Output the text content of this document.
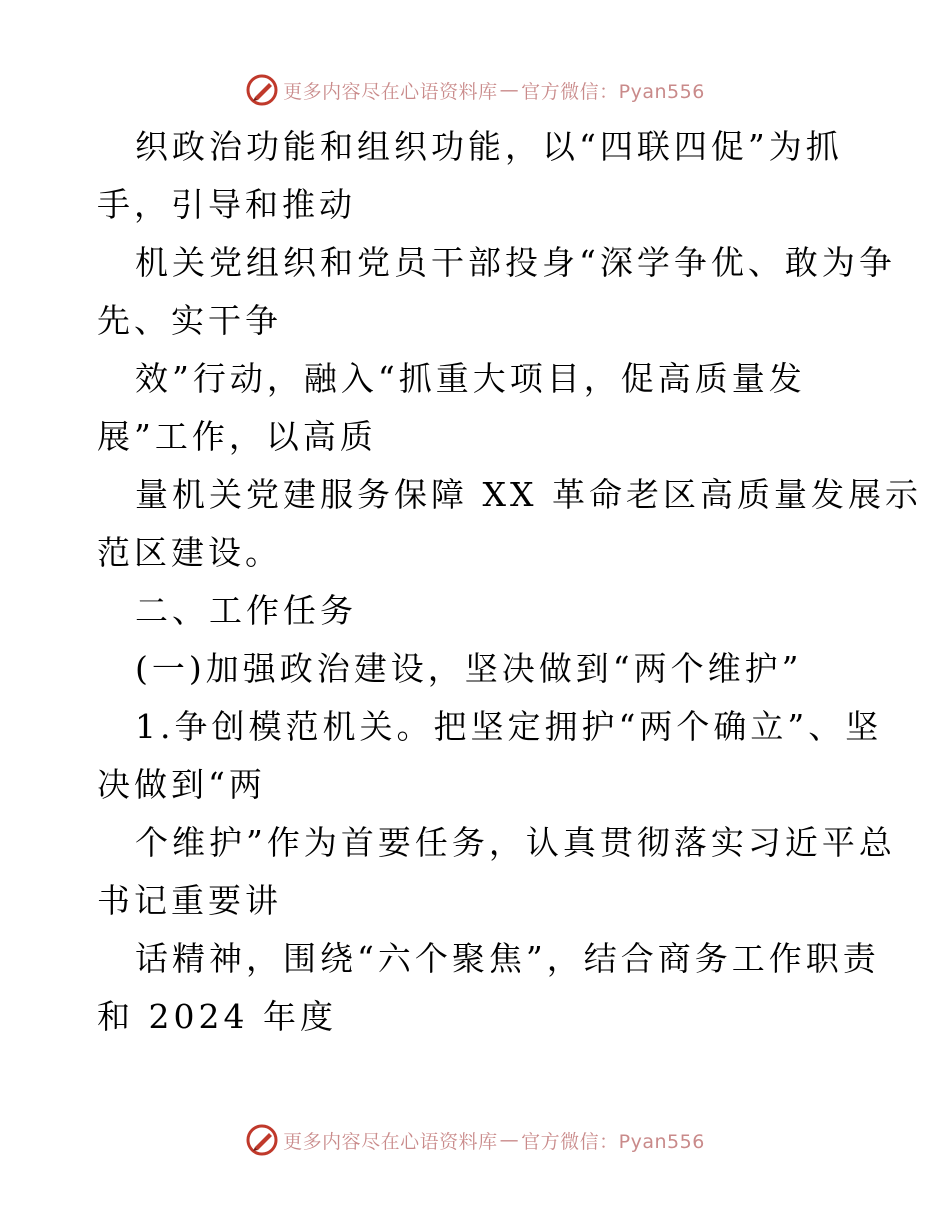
更多内容尽在心语资料库 — 官方微信：Pyan556
织政治功能和组织功能，以“四联四促”为抓
手，引导和推动
机关党组织和党员干部投身“深学争优、敢为争
先、实干争
效”行动，融入“抓重大项目，促高质量发
展”工作，以高质
量机关党建服务保障 XX 革命老区高质量发展示
范区建设。
二、工作任务
(一)加强政治建设，坚决做到“两个维护”
1.争创模范机关。把坚定拥护“两个确立”、坚
决做到“两
个维护”作为首要任务，认真贯彻落实习近平总
书记重要讲
话精神，围绕“六个聚焦”，结合商务工作职责
和 2024 年度
更多内容尽在心语资料库 — 官方微信：Pyan556
